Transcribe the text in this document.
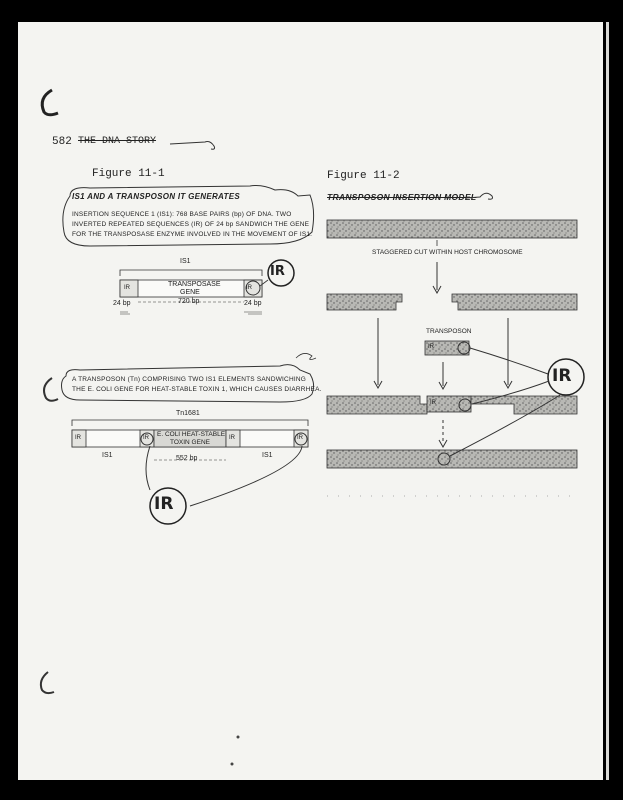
582 THE DNA STORY
Figure 11-1
IS1 AND A TRANSPOSON IT GENERATES
INSERTION SEQUENCE 1 (IS1): 768 BASE PAIRS (bp) OF DNA. TWO
INVERTED REPEATED SEQUENCES (IR) OF 24 bp SANDWICH THE GENE
FOR THE TRANSPOSASE ENZYME INVOLVED IN THE MOVEMENT OF IS1.
IS1
IR	IR
TRANSPOSASE
GENE
IR
24 bp	720 bp	24 bp
A TRANSPOSON (Tn) COMPRISING TWO IS1 ELEMENTS SANDWICHING
THE E. COLI GENE FOR HEAT-STABLE TOXIN 1, WHICH CAUSES DIARRHEA.
Tn1681
IR	IR	IR	IR
E. COLI HEAT-STABLE
TOXIN GENE
552 bp
IS1	IS1
IR
Figure 11-2
TRANSPOSON INSERTION MODEL
STAGGERED CUT WITHIN HOST CHROMOSOME
TRANSPOSON
IR
IR
IR
